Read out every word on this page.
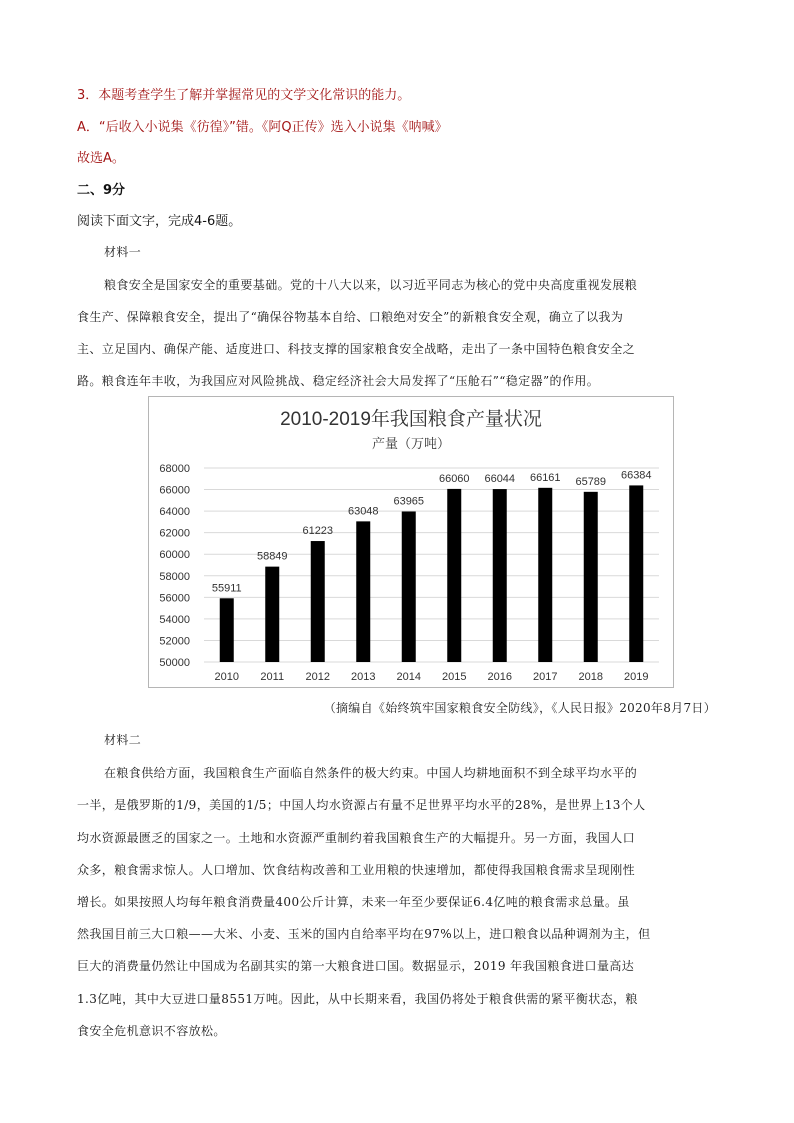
3．本题考查学生了解并掌握常见的文学文化常识的能力。
A．“后收入小说集《彷徨》”错。《阿Q正传》选入小说集《呐喊》
故选A。
二、9分
阅读下面文字，完成4-6题。
材料一
粮食安全是国家安全的重要基础。党的十八大以来，以习近平同志为核心的党中央高度重视发展粮
食生产、保障粮食安全，提出了“确保谷物基本自给、口粮绝对安全”的新粮食安全观，确立了以我为
主、立足国内、确保产能、适度进口、科技支撑的国家粮食安全战略，走出了一条中国特色粮食安全之
路。粮食连年丰收，为我国应对风险挑战、稳定经济社会大局发挥了“压舱石”“稳定器”的作用。
2010-2019年我国粮食产量状况
产量（万吨）
50000
52000
54000
56000
58000
60000
62000
64000
66000
68000
55911
58849
61223
63048
63965
66060 66044 66161 65789
66384
2010 2011 2012 2013 2014 2015 2016 2017 2018 2019
（摘编自《始终筑牢国家粮食安全防线》，《人民日报》2020年8月7日）
材料二
在粮食供给方面，我国粮食生产面临自然条件的极大约束。中国人均耕地面积不到全球平均水平的
一半，是俄罗斯的1/9，美国的1/5；中国人均水资源占有量不足世界平均水平的28%，是世界上13个人
均水资源最匮乏的国家之一。土地和水资源严重制约着我国粮食生产的大幅提升。另一方面，我国人口
众多，粮食需求惊人。人口增加、饮食结构改善和工业用粮的快速增加，都使得我国粮食需求呈现刚性
增长。如果按照人均每年粮食消费量400公斤计算，未来一年至少要保证6.4亿吨的粮食需求总量。虽
然我国目前三大口粮——大米、小麦、玉米的国内自给率平均在97%以上，进口粮食以品种调剂为主，但
巨大的消费量仍然让中国成为名副其实的第一大粮食进口国。数据显示，2019 年我国粮食进口量高达
1.3亿吨，其中大豆进口量8551万吨。因此，从中长期来看，我国仍将处于粮食供需的紧平衡状态，粮
食安全危机意识不容放松。
